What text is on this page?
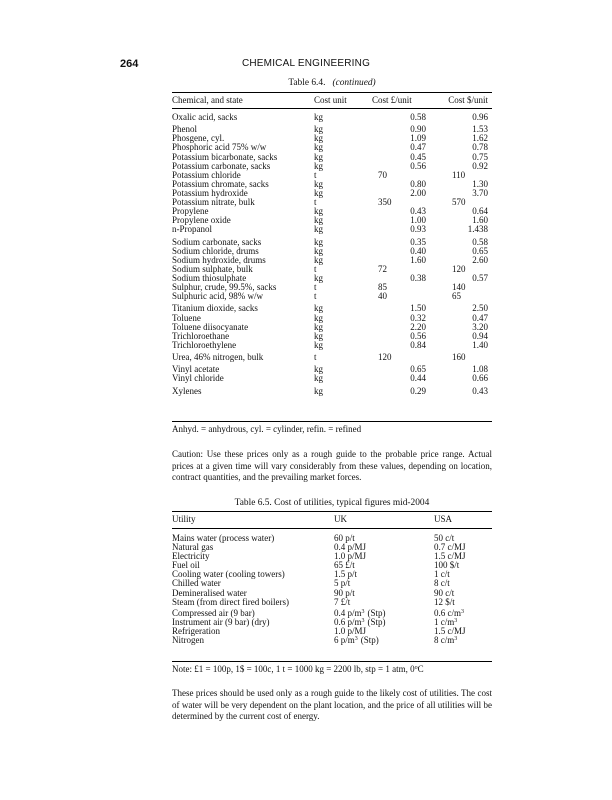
264	CHEMICAL ENGINEERING
Table 6.4. (continued)
Chemical, and state	Cost unit	Cost £/unit	Cost $/unit
Oxalic acid, sacks	kg	0.58	0.96
Phenol	kg	0.90	1.53
Phosgene, cyl.	kg	1.09	1.62
Phosphoric acid 75% w/w	kg	0.47	0.78
Potassium bicarbonate, sacks	kg	0.45	0.75
Potassium carbonate, sacks	kg	0.56	0.92
Potassium chloride	t	70	110
Potassium chromate, sacks	kg	0.80	1.30
Potassium hydroxide	kg	2.00	3.70
Potassium nitrate, bulk	t	350	570
Propylene	kg	0.43	0.64
Propylene oxide	kg	1.00	1.60
n-Propanol	kg	0.93	1.438
Sodium carbonate, sacks	kg	0.35	0.58
Sodium chloride, drums	kg	0.40	0.65
Sodium hydroxide, drums	kg	1.60	2.60
Sodium sulphate, bulk	t	72	120
Sodium thiosulphate	kg	0.38	0.57
Sulphur, crude, 99.5%, sacks	t	85	140
Sulphuric acid, 98% w/w	t	40	65
Titanium dioxide, sacks	kg	1.50	2.50
Toluene	kg	0.32	0.47
Toluene diisocyanate	kg	2.20	3.20
Trichloroethane	kg	0.56	0.94
Trichloroethylene	kg	0.84	1.40
Urea, 46% nitrogen, bulk	t	120	160
Vinyl acetate	kg	0.65	1.08
Vinyl chloride	kg	0.44	0.66
Xylenes	kg	0.29	0.43
Anhyd. = anhydrous, cyl. = cylinder, refin. = refined
Caution: Use these prices only as a rough guide to the probable price range. Actual prices at a given time will vary considerably from these values, depending on location, contract quantities, and the prevailing market forces.
Table 6.5. Cost of utilities, typical figures mid-2004
Utility	UK	USA
Mains water (process water)	60 p/t	50 c/t
Natural gas	0.4 p/MJ	0.7 c/MJ
Electricity	1.0 p/MJ	1.5 c/MJ
Fuel oil	65 £/t	100 $/t
Cooling water (cooling towers)	1.5 p/t	1 c/t
Chilled water	5 p/t	8 c/t
Demineralised water	90 p/t	90 c/t
Steam (from direct fired boilers)	7 £/t	12 $/t
Compressed air (9 bar)	0.4 $p/m^3$ (Stp)	0.6 $c/m^3$
Instrument air (9 bar) (dry)	0.6 $p/m^3$ (Stp)	1 $c/m^3$
Refrigeration	1.0 p/MJ	1.5 c/MJ
Nitrogen	6 $p/m^3$ (Stp)	8 $c/m^3$
Note: £1 = 100p, 1$ = 100c, 1 t = 1000 kg = 2200 lb, stp = 1 atm, 0$^o$C
These prices should be used only as a rough guide to the likely cost of utilities. The cost of water will be very dependent on the plant location, and the price of all utilities will be determined by the current cost of energy.
